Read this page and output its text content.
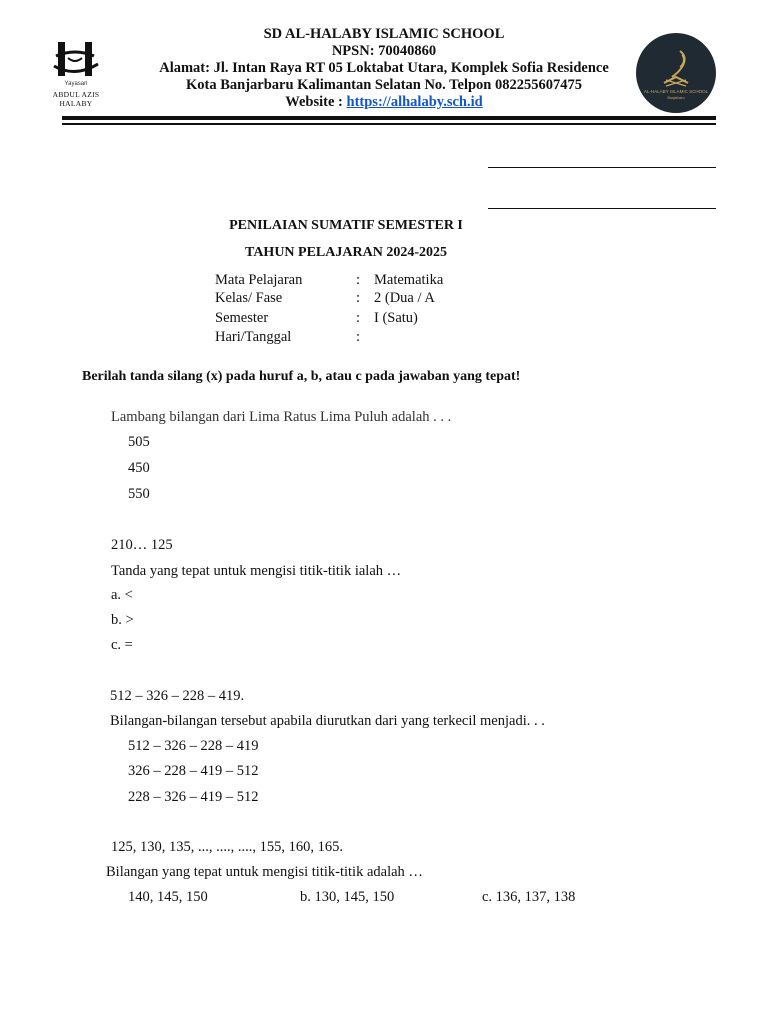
Yayasan
ABDUL AZIS HALABY
SD AL-HALABY ISLAMIC SCHOOL
NPSN: 70040860
Alamat: Jl. Intan Raya RT 05 Loktabat Utara, Komplek Sofia Residence
Kota Banjarbaru Kalimantan Selatan No. Telpon 082255607475
Website : https://alhalaby.sch.id
AL-HALABY ISLAMIC SCHOOL
Banjarbaru
PENILAIAN SUMATIF SEMESTER I
TAHUN PELAJARAN 2024-2025
Mata Pelajaran	: Matematika
Kelas/ Fase	: 2 (Dua / A
Semester	: I (Satu)
Hari/Tanggal	:
Berilah tanda silang (x) pada huruf a, b, atau c pada jawaban yang tepat!
Lambang bilangan dari Lima Ratus Lima Puluh adalah . . .
505
450
550
210… 125
Tanda yang tepat untuk mengisi titik-titik ialah …
a. <
b. >
c. =
512 – 326 – 228 – 419.
Bilangan-bilangan tersebut apabila diurutkan dari yang terkecil menjadi. . .
512 – 326 – 228 – 419
326 – 228 – 419 – 512
228 – 326 – 419 – 512
125, 130, 135, ..., ...., ...., 155, 160, 165.
Bilangan yang tepat untuk mengisi titik-titik adalah …
140, 145, 150	b. 130, 145, 150	c. 136, 137, 138
